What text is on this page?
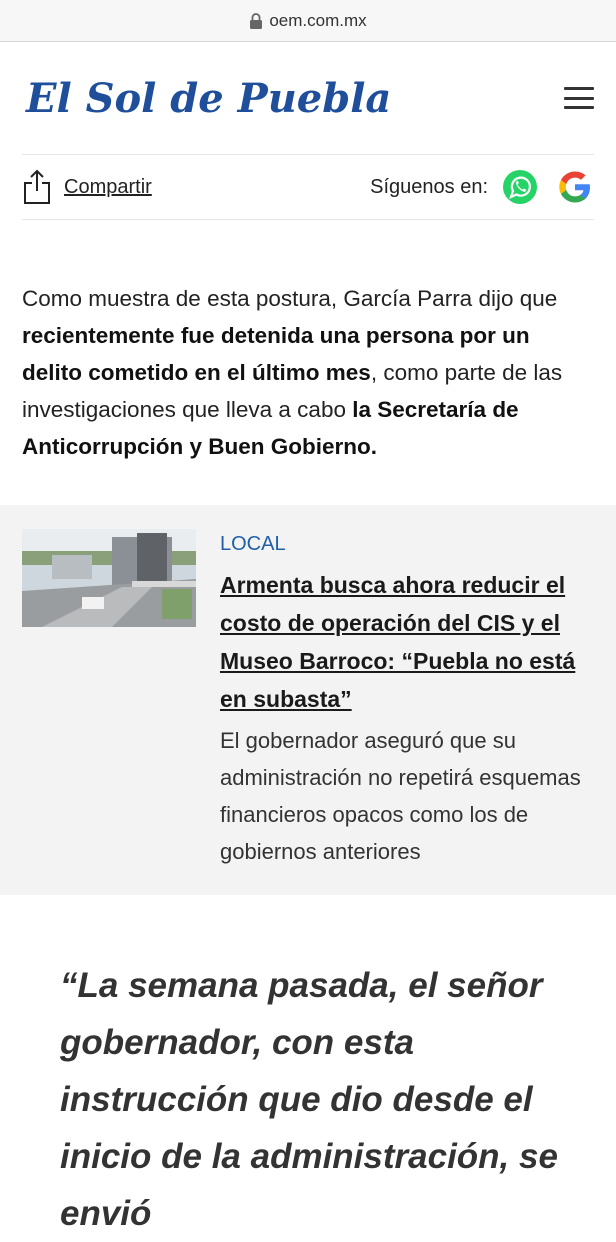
oem.com.mx
El Sol de Puebla
Compartir	Síguenos en:

Como muestra de esta postura, García Parra dijo que recientemente fue detenida una persona por un delito cometido en el último mes, como parte de las investigaciones que lleva a cabo la Secretaría de Anticorrupción y Buen Gobierno.

LOCAL
Armenta busca ahora reducir el costo de operación del CIS y el Museo Barroco: “Puebla no está en subasta”
El gobernador aseguró que su administración no repetirá esquemas financieros opacos como los de gobiernos anteriores
“La semana pasada, el señor gobernador, con esta instrucción que dio desde el inicio de la administración, se envió
